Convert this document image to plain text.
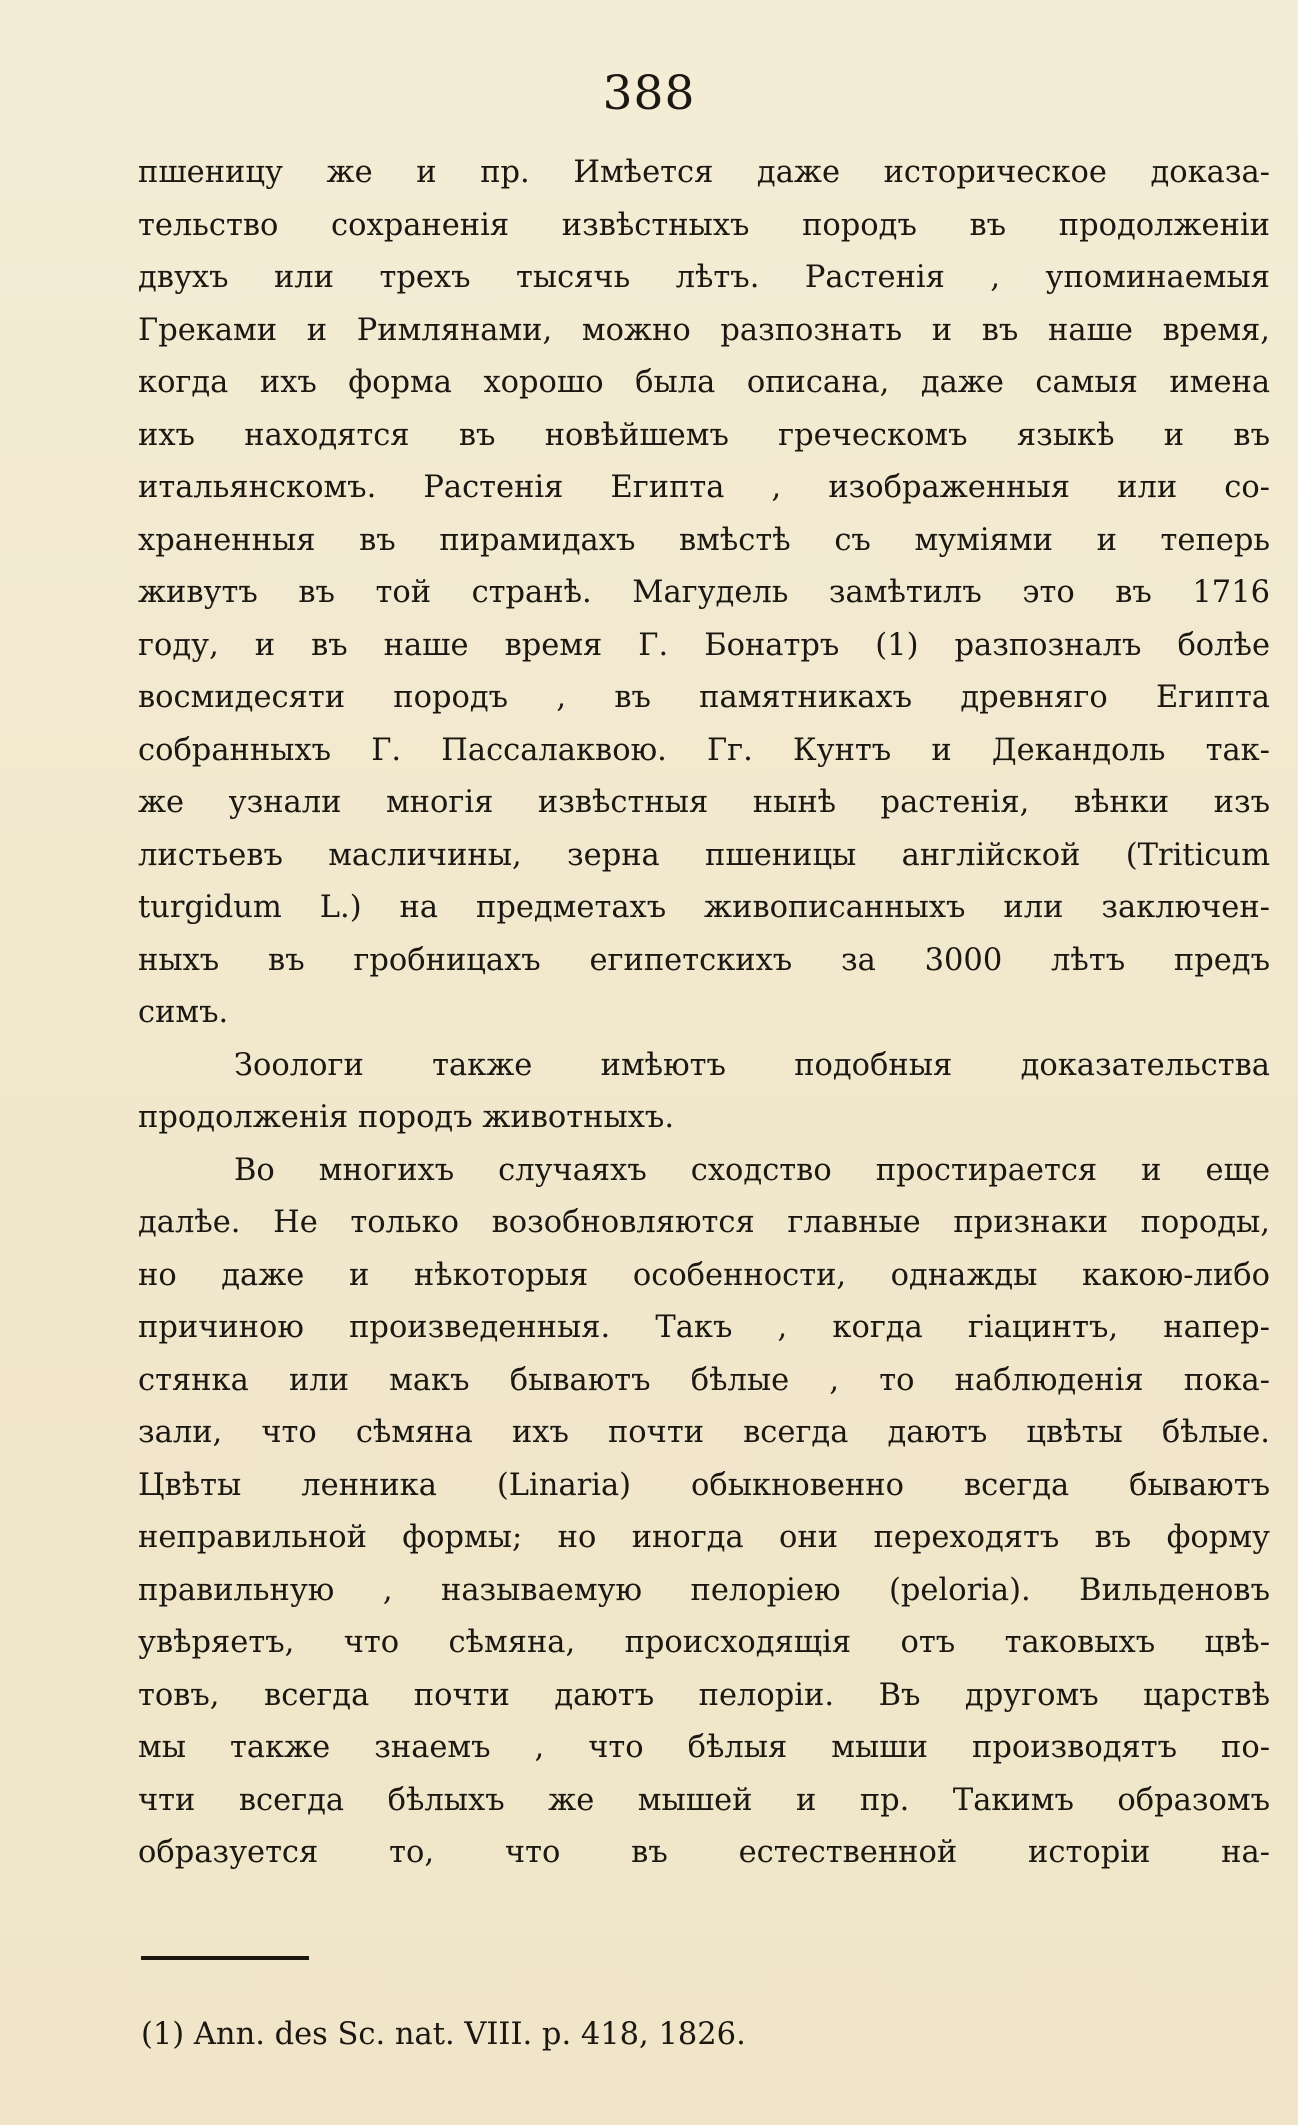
388
пшеницу же и пр. Имѣется даже историческое доказа-
тельство сохраненія извѣстныхъ породъ въ продолженіи
двухъ или трехъ тысячь лѣтъ. Растенія , упоминаемыя
Греками и Римлянами, можно разпознать и въ наше время,
когда ихъ форма хорошо была описана, даже самыя имена
ихъ находятся въ новѣйшемъ греческомъ языкѣ и въ
итальянскомъ. Растенія Египта , изображенныя или со-
храненныя въ пирамидахъ вмѣстѣ съ муміями и теперь
живутъ въ той странѣ. Магудель замѣтилъ это въ 1716
году, и въ наше время Г. Бонатръ (1) разпозналъ болѣе
восмидесяти породъ , въ памятникахъ древняго Египта
собранныхъ Г. Пассалаквою. Гг. Кунтъ и Декандоль так-
же узнали многія извѣстныя нынѣ растенія, вѣнки изъ
листьевъ масличины, зерна пшеницы англійской (Triticum
turgidum L.) на предметахъ живописанныхъ или заключен-
ныхъ въ гробницахъ египетскихъ за 3000 лѣтъ предъ
симъ.
Зоологи также имѣютъ подобныя доказательства
продолженія породъ животныхъ.
Во многихъ случаяхъ сходство простирается и еще
далѣе. Не только возобновляются главные признаки породы,
но даже и нѣкоторыя особенности, однажды какою-либо
причиною произведенныя. Такъ , когда гіацинтъ, напер-
стянка или макъ бываютъ бѣлые , то наблюденія пока-
зали, что сѣмяна ихъ почти всегда даютъ цвѣты бѣлые.
Цвѣты ленника (Linaria) обыкновенно всегда бываютъ
неправильной формы; но иногда они переходятъ въ форму
правильную , называемую пелоріею (peloria). Вильденовъ
увѣряетъ, что сѣмяна, происходящія отъ таковыхъ цвѣ-
товъ, всегда почти даютъ пелоріи. Въ другомъ царствѣ
мы также знаемъ , что бѣлыя мыши производятъ по-
чти всегда бѣлыхъ же мышей и пр. Такимъ образомъ
образуется то, что въ естественной исторіи на-
(1) Ann. des Sc. nat. VIII. p. 418, 1826.
